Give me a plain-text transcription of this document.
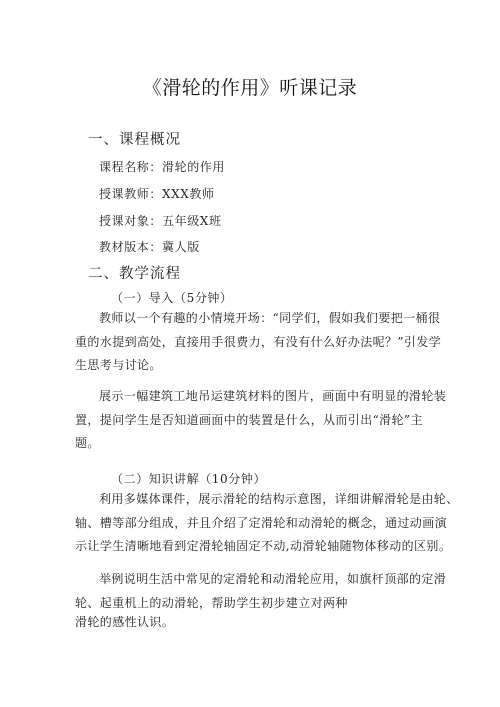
《滑轮的作用》听课记录
一、课程概况
课程名称：滑轮的作用
授课教师：XXX教师
授课对象：五年级X班
教材版本：冀人版
二、教学流程
（一）导入（5分钟）
教师以一个有趣的小情境开场：“同学们，假如我们要把一桶很
重的水提到高处，直接用手很费力，有没有什么好办法呢？”引发学
生思考与讨论。
展示一幅建筑工地吊运建筑材料的图片，画面中有明显的滑轮装
置，提问学生是否知道画面中的装置是什么，从而引出“滑轮”主
题。
（二）知识讲解（10分钟）
利用多媒体课件，展示滑轮的结构示意图，详细讲解滑轮是由轮、
轴、槽等部分组成，并且介绍了定滑轮和动滑轮的概念，通过动画演
示让学生清晰地看到定滑轮轴固定不动,动滑轮轴随物体移动的区别。
举例说明生活中常见的定滑轮和动滑轮应用，如旗杆顶部的定滑
轮、起重机上的动滑轮，帮助学生初步建立对两种
滑轮的感性认识。
